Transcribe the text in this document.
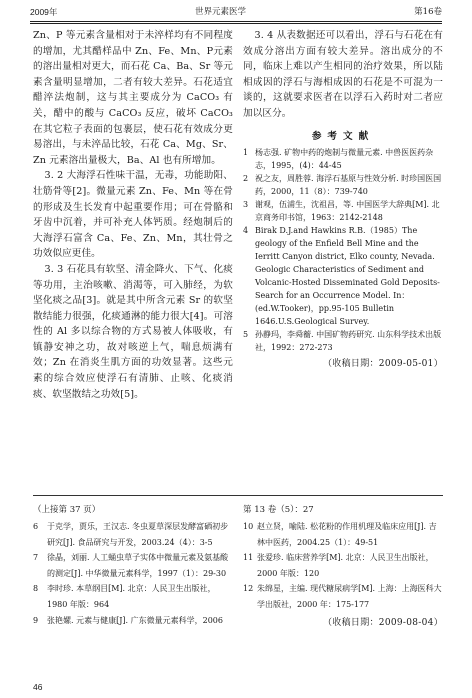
2009年	世界元素医学	第16卷

Zn、P 等元素含量相对于未淬样均有不同程度的增加，尤其醋样品中 Zn、Fe、Mn、P元素的溶出量相对更大，而石花 Ca、Ba、Sr 等元素含量明显增加，二者有较大差异。石花适宜醋淬法炮制，这与其主要成分为 CaCO₃ 有关，醋中的酸与 CaCO₃ 反应，破坏 CaCO₃ 在其它粒子表面的包裹层，使石花有效成分更易溶出，与未淬品比较，石花 Ca、Mg、Sr、Zn 元素溶出量极大，Ba、Al 也有所增加。

3. 2 大海浮石性味干温，无毒，功能助阳、壮筋骨等[2]。微量元素 Zn、Fe、Mn 等在骨的形成及生长发育中起重要作用；可在骨骼和牙齿中沉着，并可补充人体钙质。经炮制后的大海浮石富含 Ca、Fe、Zn、Mn，其壮骨之功效似应更佳。

3. 3 石花具有软坚、清金降火、下气、化痰等功用，主治咳嗽、消渴等，可入肺经，为软坚化痰之品[3]。就是其中所含元素 Sr 的软坚散结能力很强，化痰通淋的能力很大[4]。可溶性的 Al 多以综合物的方式易被人体吸收，有镇静安神之功，故对咳逆上气，喘息烦满有效；Zn 在消炎生肌方面的功效显著。这些元素的综合效应使浮石有清肺、止咳、化痰消痰、软坚散结之功效[5]。

3. 4 从表数据还可以看出，浮石与石花在有效成分溶出方面有较大差异。溶出成分的不同，临床上难以产生相同的治疗效果，所以陆相成因的浮石与海相成因的石花是不可混为一谈的，这就要求医者在以浮石入药时对二者应加以区分。

参考文献
1 杨志强. 矿物中药的炮制与微量元素. 中兽医医药杂志，1995，(4)：44-45
2 祝之友，周胜蓉. 海浮石基原与性效分析. 时珍国医国药，2000，11（8）：739-740
3 谢观，伍浦生，沈祖昌，等. 中国医学大辞典[M]. 北京商务印书馆，1963：2142-2148
4 Birak D.J.and Hawkins R.B.（1985）The geology of the Enfield Bell Mine and the Ierritt Canyon district, Elko county, Nevada. Geologic Characteristics of Sediment and Volcanic-Hosted Disseminated Gold Deposits-Search for an Occurrence Model. In：(ed.W.Tooker)，pp.95-105 Bulletin 1646.U.S.Geological Survey.
5 孙静玛，李舜蘅. 中国矿物药研究. 山东科学技术出版社，1992：272-273
（收稿日期：2009-05-01）
（上接第 37 页）
6	于克学，贾乐，王汉志. 冬虫夏草深层发酵富硒初步研究[J]. 食品研究与开发，2003.24（4）：3-5
7	徐晶，刘丽. 人工蛹虫草子实体中微量元素及氨基酸的测定[J]. 中华微量元素科学，1997（1）：29-30
8	李时珍. 本草纲目[M]. 北京：人民卫生出版社，1980 年版：964
9	张艳嫘. 元素与健康[J]. 广东微量元素科学，2006
第 13 卷（5）：27
10 赵立贤，喻陆. 松花粉的作用机理及临床应用[J]. 吉林中医药，2004.25（1）：49-51
11 张爱珍. 临床营养学[M]. 北京：人民卫生出版社，2000 年版：120
12 朱绵星，主编. 现代糖尿病学[M]. 上海：上海医科大学出版社，2000 年：175-177
（收稿日期：2009-08-04）
46
